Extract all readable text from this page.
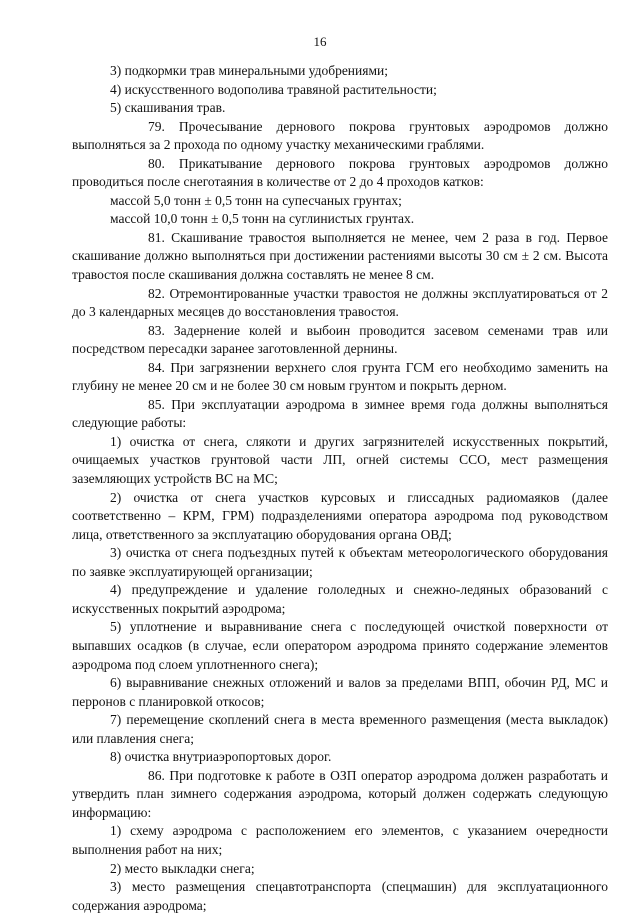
16

3) подкормки трав минеральными удобрениями;

4) искусственного водополива травяной растительности;

5) скашивания трав.

79. Прочесывание дернового покрова грунтовых аэродромов должно выполняться за 2 прохода по одному участку механическими граблями.

80. Прикатывание дернового покрова грунтовых аэродромов должно проводиться после снеготаяния в количестве от 2 до 4 проходов катков:

массой 5,0 тонн ± 0,5 тонн на супесчаных грунтах;

массой 10,0 тонн ± 0,5 тонн на суглинистых грунтах.

81. Скашивание травостоя выполняется не менее, чем 2 раза в год. Первое скашивание должно выполняться при достижении растениями высоты 30 см ± 2 см. Высота травостоя после скашивания должна составлять не менее 8 см.

82. Отремонтированные участки травостоя не должны эксплуатироваться от 2 до 3 календарных месяцев до восстановления травостоя.

83. Задернение колей и выбоин проводится засевом семенами трав или посредством пересадки заранее заготовленной дернины.

84. При загрязнении верхнего слоя грунта ГСМ его необходимо заменить на глубину не менее 20 см и не более 30 см новым грунтом и покрыть дерном.

85. При эксплуатации аэродрома в зимнее время года должны выполняться следующие работы:

1) очистка от снега, слякоти и других загрязнителей искусственных покрытий, очищаемых участков грунтовой части ЛП, огней системы ССО, мест размещения заземляющих устройств ВС на МС;

2) очистка от снега участков курсовых и глиссадных радиомаяков (далее соответственно – КРМ, ГРМ) подразделениями оператора аэродрома под руководством лица, ответственного за эксплуатацию оборудования органа ОВД;

3) очистка от снега подъездных путей к объектам метеорологического оборудования по заявке эксплуатирующей организации;

4) предупреждение и удаление гололедных и снежно-ледяных образований с искусственных покрытий аэродрома;

5) уплотнение и выравнивание снега с последующей очисткой поверхности от выпавших осадков (в случае, если оператором аэродрома принято содержание элементов аэродрома под слоем уплотненного снега);

6) выравнивание снежных отложений и валов за пределами ВПП, обочин РД, МС и перронов с планировкой откосов;

7) перемещение скоплений снега в места временного размещения (места выкладок) или плавления снега;

8) очистка внутриаэропортовых дорог.

86. При подготовке к работе в ОЗП оператор аэродрома должен разработать и утвердить план зимнего содержания аэродрома, который должен содержать следующую информацию:

1) схему аэродрома с расположением его элементов, с указанием очередности выполнения работ на них;

2) место выкладки снега;

3) место размещения спецавтотранспорта (спецмашин) для эксплуатационного содержания аэродрома;
